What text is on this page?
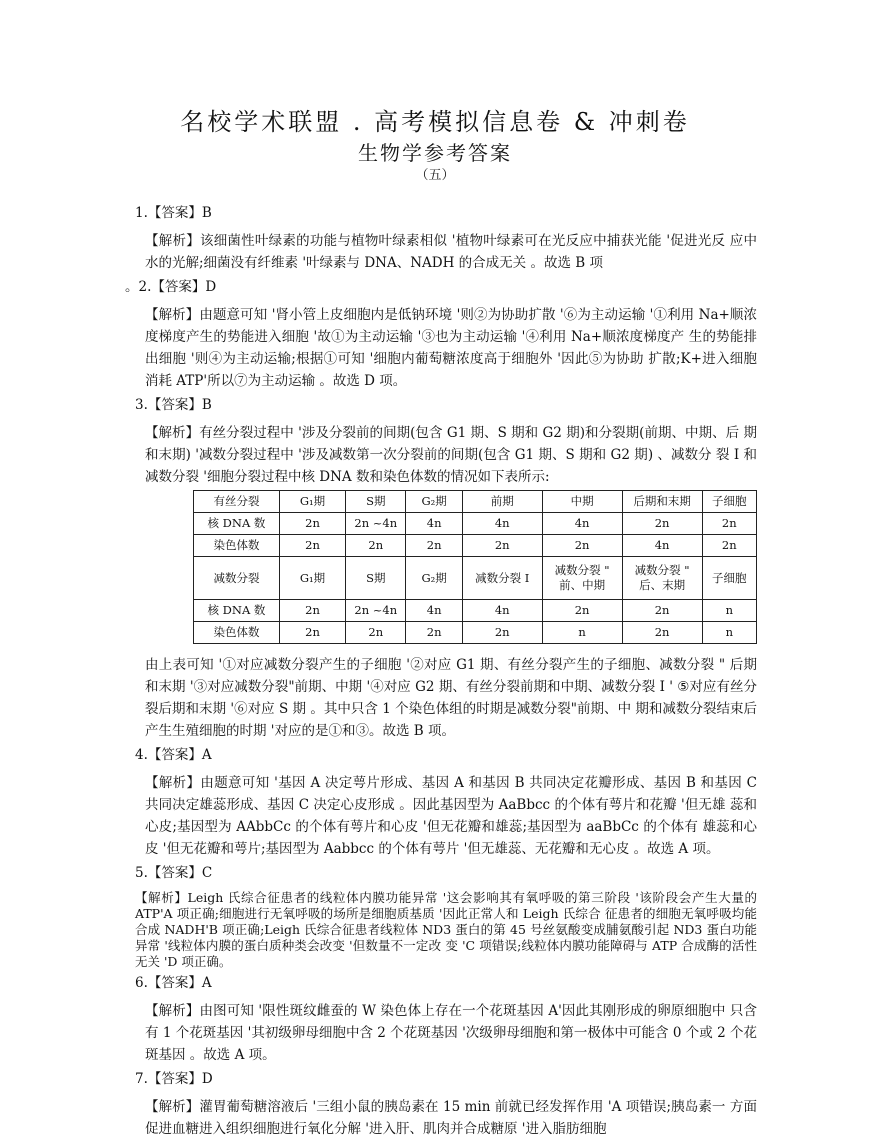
名校学术联盟 . 高考模拟信息卷 & 冲刺卷
生物学参考答案
（五）
1.【答案】B
【解析】该细菌性叶绿素的功能与植物叶绿素相似 '植物叶绿素可在光反应中捕获光能 '促进光反 应中水的光解;细菌没有纤维素 '叶绿素与 DNA、NADH 的合成无关 。故选 B 项
。2.【答案】D
【解析】由题意可知 '肾小管上皮细胞内是低钠环境 '则②为协助扩散 '⑥为主动运输 '①利用 Na+顺浓度梯度产生的势能进入细胞 '故①为主动运输 '③也为主动运输 '④利用 Na+顺浓度梯度产 生的势能排出细胞 '则④为主动运输;根据①可知 '细胞内葡萄糖浓度高于细胞外 '因此⑤为协助 扩散;K+进入细胞消耗 ATP'所以⑦为主动运输 。故选 D 项。
3.【答案】B
【解析】有丝分裂过程中 '涉及分裂前的间期(包含 G1 期、S 期和 G2 期)和分裂期(前期、中期、后 期和末期) '减数分裂过程中 '涉及减数第一次分裂前的间期(包含 G1 期、S 期和 G2 期) 、减数分 裂 I 和减数分裂 '细胞分裂过程中核 DNA 数和染色体数的情况如下表所示:
有丝分裂	G₁期	S期	G₂期	前期	中期	后期和末期	子细胞
核 DNA 数	2n	2n ~4n	4n	4n	4n	2n	2n
染色体数	2n	2n	2n	2n	2n	4n	2n
减数分裂	G₁期	S期	G₂期	减数分裂 I	减数分裂 " 前、中期	减数分裂 " 后、末期	子细胞
核 DNA 数	2n	2n ~4n	4n	4n	2n	2n	n
染色体数	2n	2n	2n	2n	n	2n	n
由上表可知 '①对应减数分裂产生的子细胞 '②对应 G1 期、有丝分裂产生的子细胞、减数分裂 " 后期和末期 '③对应减数分裂"前期、中期 '④对应 G2 期、有丝分裂前期和中期、减数分裂 I ' ⑤对应有丝分裂后期和末期 '⑥对应 S 期 。其中只含 1 个染色体组的时期是减数分裂"前期、中 期和减数分裂结束后产生生殖细胞的时期 '对应的是①和③。故选 B 项。
4.【答案】A
【解析】由题意可知 '基因 A 决定萼片形成、基因 A 和基因 B 共同决定花瓣形成、基因 B 和基因 C 共同决定雄蕊形成、基因 C 决定心皮形成 。因此基因型为 AaBbcc 的个体有萼片和花瓣 '但无雄 蕊和心皮;基因型为 AAbbCc 的个体有萼片和心皮 '但无花瓣和雄蕊;基因型为 aaBbCc 的个体有 雄蕊和心皮 '但无花瓣和萼片;基因型为 Aabbcc 的个体有萼片 '但无雄蕊、无花瓣和无心皮 。故选 A 项。
5.【答案】C
【解析】Leigh 氏综合征患者的线粒体内膜功能异常 '这会影响其有氧呼吸的第三阶段 '该阶段会产生大量的 ATP'A 项正确;细胞进行无氧呼吸的场所是细胞质基质 '因此正常人和 Leigh 氏综合 征患者的细胞无氧呼吸均能合成 NADH'B 项正确;Leigh 氏综合征患者线粒体 ND3 蛋白的第 45 号丝氨酸变成脯氨酸引起 ND3 蛋白功能异常 '线粒体内膜的蛋白质种类会改变 '但数量不一定改 变 'C 项错误;线粒体内膜功能障碍与 ATP 合成酶的活性无关 'D 项正确。
6.【答案】A
【解析】由图可知 '限性斑纹雌蚕的 W 染色体上存在一个花斑基因 A'因此其刚形成的卵原细胞中 只含有 1 个花斑基因 '其初级卵母细胞中含 2 个花斑基因 '次级卵母细胞和第一极体中可能含 0 个或 2 个花斑基因 。故选 A 项。
7.【答案】D
【解析】灌胃葡萄糖溶液后 '三组小鼠的胰岛素在 15 min 前就已经发挥作用 'A 项错误;胰岛素一 方面促进血糖进入组织细胞进行氧化分解 '进入肝、肌肉并合成糖原 '进入脂肪细胞
